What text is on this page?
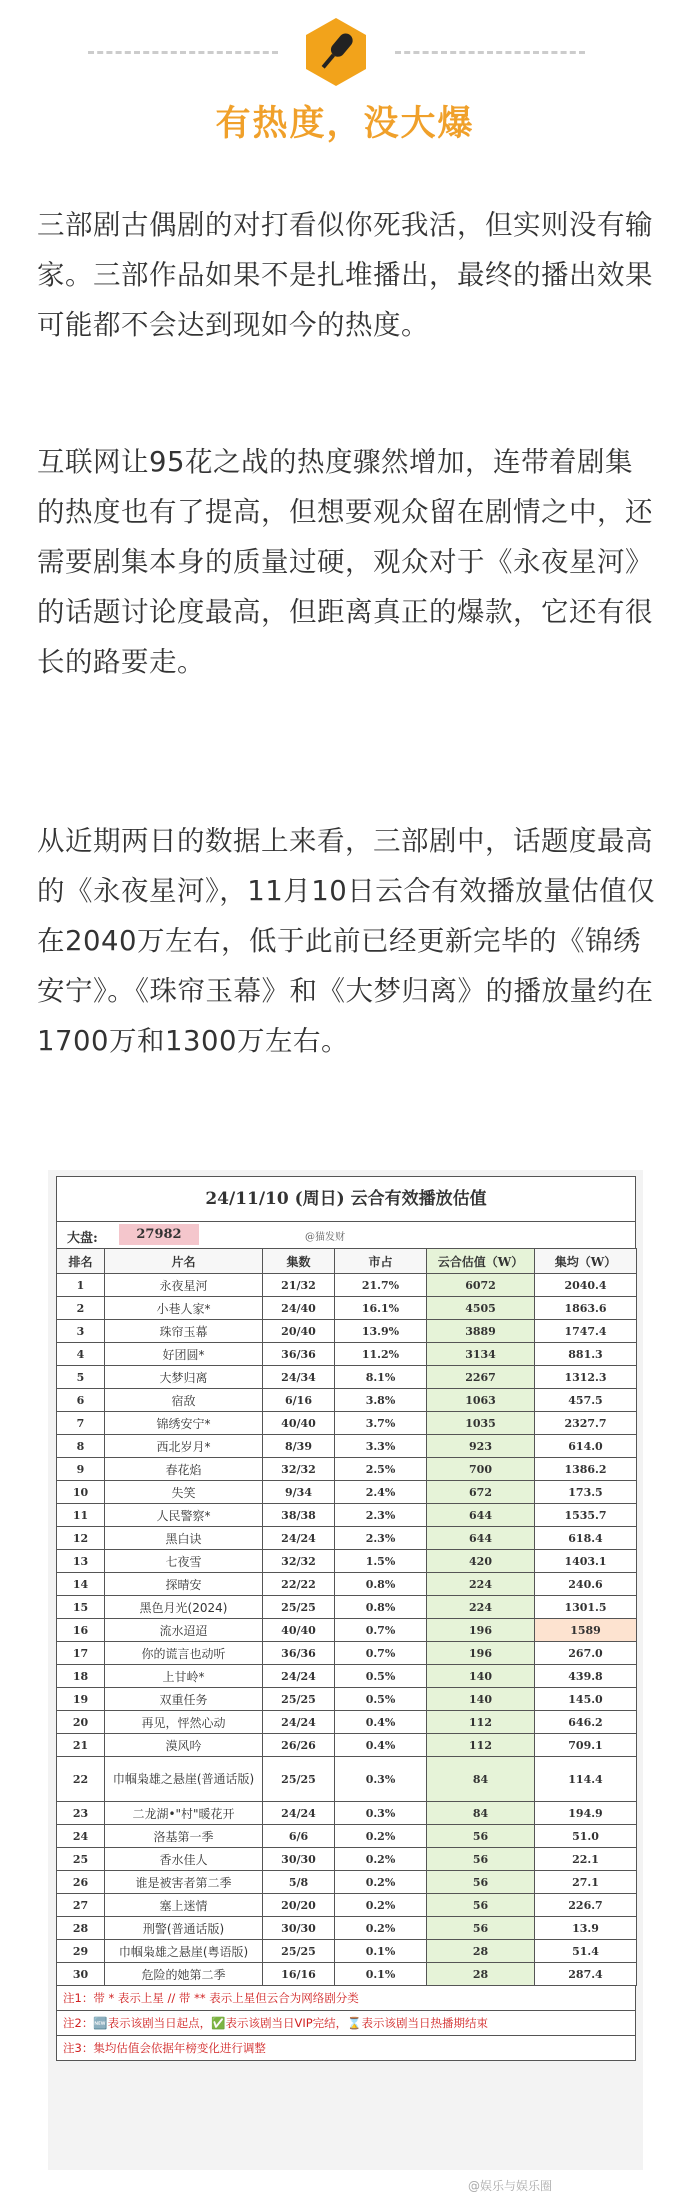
有热度，没大爆
三部剧古偶剧的对打看似你死我活，但实则没有输家。三部作品如果不是扎堆播出，最终的播出效果可能都不会达到现如今的热度。
互联网让95花之战的热度骤然增加，连带着剧集的热度也有了提高，但想要观众留在剧情之中，还需要剧集本身的质量过硬，观众对于《永夜星河》的话题讨论度最高，但距离真正的爆款，它还有很长的路要走。
从近期两日的数据上来看，三部剧中，话题度最高的《永夜星河》，11月10日云合有效播放量估值仅在2040万左右，低于此前已经更新完毕的《锦绣安宁》。《珠帘玉幕》和《大梦归离》的播放量约在1700万和1300万左右。
24/11/10 (周日) 云合有效播放估值
大盘:	27982	@猫发财
排名	片名	集数	市占	云合估值（W）	集均（W）
1	永夜星河	21/32	21.7%	6072	2040.4
2	小巷人家*	24/40	16.1%	4505	1863.6
3	珠帘玉幕	20/40	13.9%	3889	1747.4
4	好团圆*	36/36	11.2%	3134	881.3
5	大梦归离	24/34	8.1%	2267	1312.3
6	宿敌	6/16	3.8%	1063	457.5
7	锦绣安宁*	40/40	3.7%	1035	2327.7
8	西北岁月*	8/39	3.3%	923	614.0
9	春花焰	32/32	2.5%	700	1386.2
10	失笑	9/34	2.4%	672	173.5
11	人民警察*	38/38	2.3%	644	1535.7
12	黑白诀	24/24	2.3%	644	618.4
13	七夜雪	32/32	1.5%	420	1403.1
14	探晴安	22/22	0.8%	224	240.6
15	黑色月光(2024)	25/25	0.8%	224	1301.5
16	流水迢迢	40/40	0.7%	196	1589
17	你的谎言也动听	36/36	0.7%	196	267.0
18	上甘岭*	24/24	0.5%	140	439.8
19	双重任务	25/25	0.5%	140	145.0
20	再见，怦然心动	24/24	0.4%	112	646.2
21	漠风吟	26/26	0.4%	112	709.1
22	巾帼枭雄之悬崖(普通话版)	25/25	0.3%	84	114.4
23	二龙湖•"村"暖花开	24/24	0.3%	84	194.9
24	洛基第一季	6/6	0.2%	56	51.0
25	香水佳人	30/30	0.2%	56	22.1
26	谁是被害者第二季	5/8	0.2%	56	27.1
27	塞上迷情	20/20	0.2%	56	226.7
28	刑警(普通话版)	30/30	0.2%	56	13.9
29	巾帼枭雄之悬崖(粤语版)	25/25	0.1%	28	51.4
30	危险的她第二季	16/16	0.1%	28	287.4
注1：带 * 表示上星 // 带 ** 表示上星但云合为网络剧分类
注2：🆕表示该剧当日起点，✅表示该剧当日VIP完结，⌛表示该剧当日热播期结束
注3：集均估值会依据年榜变化进行调整
@娱乐与娱乐圈
